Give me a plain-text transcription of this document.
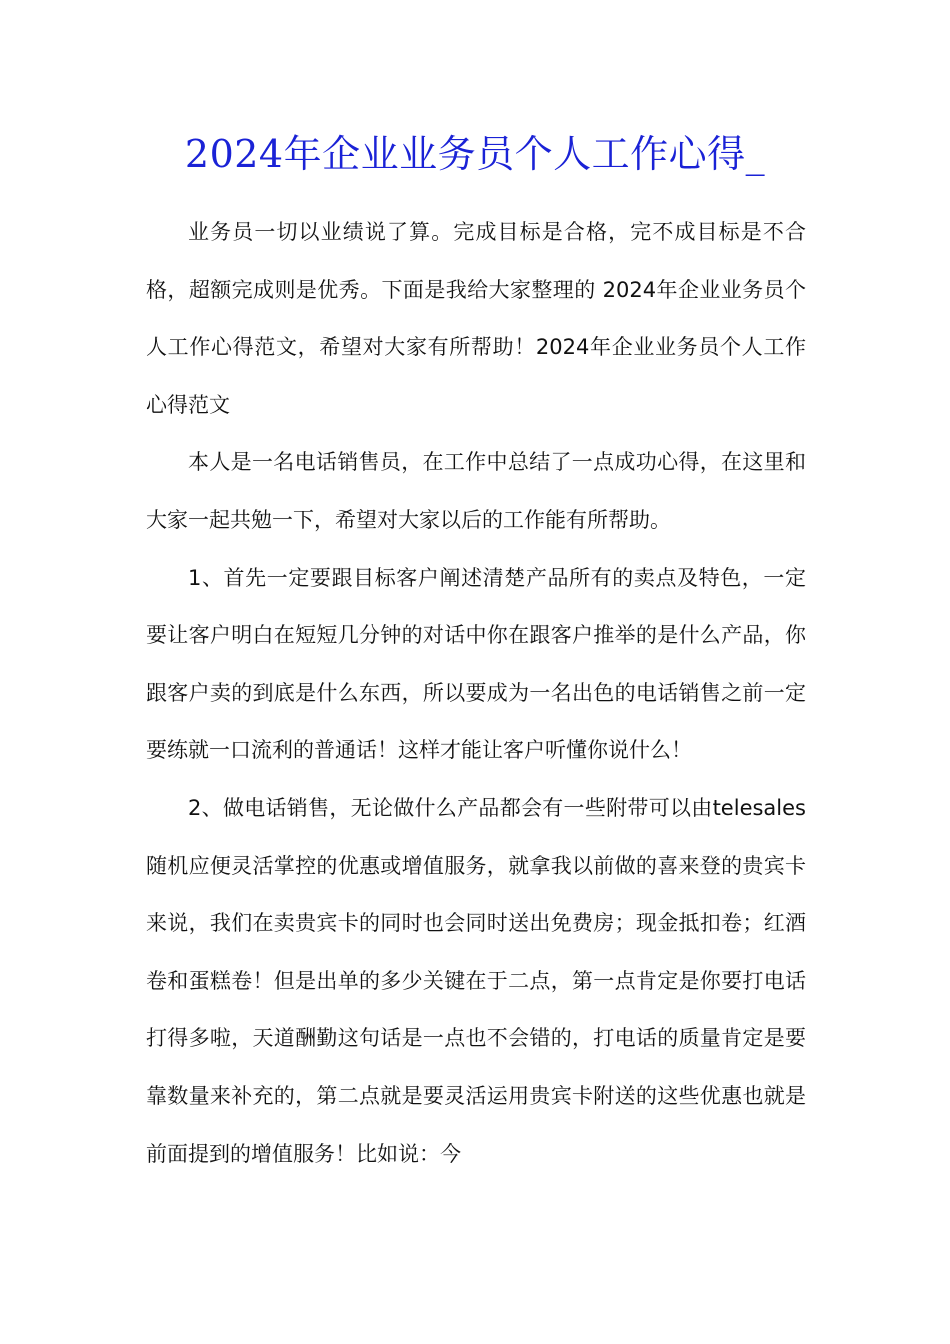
2024年企业业务员个人工作心得_

业务员一切以业绩说了算。完成目标是合格，完不成目标是不合格，超额完成则是优秀。下面是我给大家整理的 2024年企业业务员个人工作心得范文，希望对大家有所帮助！2024年企业业务员个人工作心得范文

本人是一名电话销售员，在工作中总结了一点成功心得，在这里和大家一起共勉一下，希望对大家以后的工作能有所帮助。

1、首先一定要跟目标客户阐述清楚产品所有的卖点及特色，一定要让客户明白在短短几分钟的对话中你在跟客户推举的是什么产品，你跟客户卖的到底是什么东西，所以要成为一名出色的电话销售之前一定要练就一口流利的普通话！这样才能让客户听懂你说什么！

2、做电话销售，无论做什么产品都会有一些附带可以由telesales随机应便灵活掌控的优惠或增值服务，就拿我以前做的喜来登的贵宾卡来说，我们在卖贵宾卡的同时也会同时送出免费房；现金抵扣卷；红酒卷和蛋糕卷！但是出单的多少关键在于二点，第一点肯定是你要打电话打得多啦，天道酬勤这句话是一点也不会错的，打电话的质量肯定是要靠数量来补充的，第二点就是要灵活运用贵宾卡附送的这些优惠也就是前面提到的增值服务！比如说：今
